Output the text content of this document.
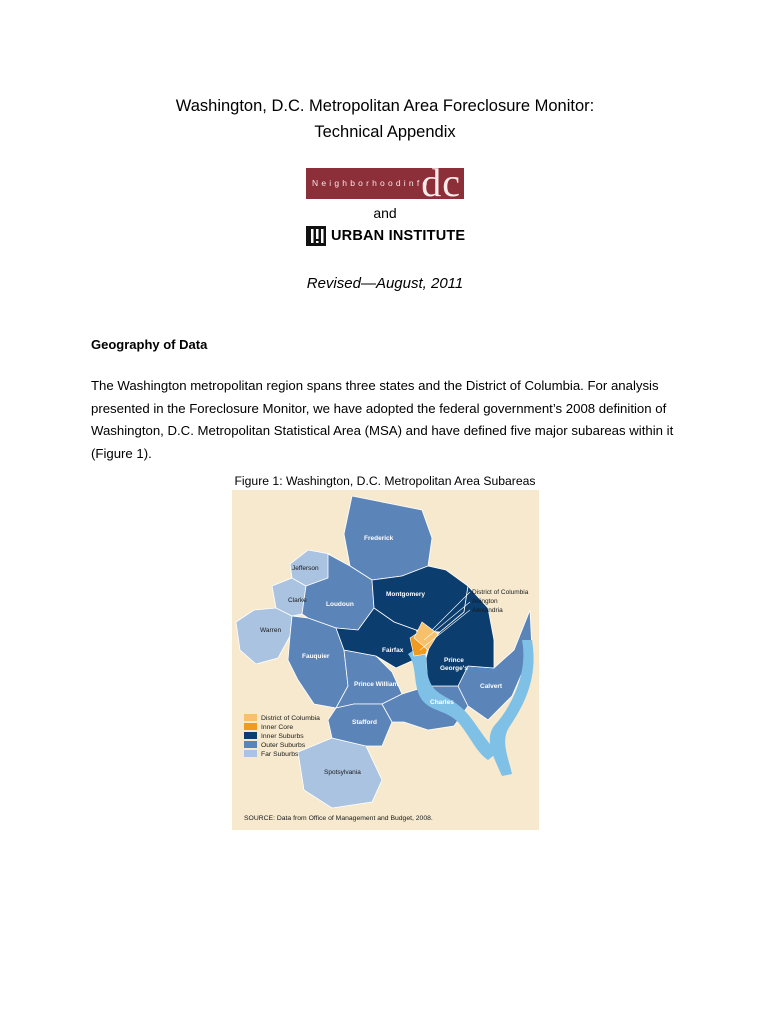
Washington, D.C. Metropolitan Area Foreclosure Monitor:
Technical Appendix
Neighborhoodinfo
dc
and
URBAN INSTITUTE
Revised—August, 2011
Geography of Data

The Washington metropolitan region spans three states and the District of Columbia. For analysis presented in the Foreclosure Monitor, we have adopted the federal government’s 2008 definition of Washington, D.C. Metropolitan Statistical Area (MSA) and have defined five major subareas within it (Figure 1).

Figure 1: Washington, D.C. Metropolitan Area Subareas
Frederick
Jefferson
Clarke
Loudoun
Montgomery
Warren
Fauquier
Fairfax
Prince
George's
Calvert
Prince William
Charles
Stafford
Spotsylvania
District of Columbia
Arlington
Alexandria
District of Columbia
Inner Core
Inner Suburbs
Outer Suburbs
Far Suburbs
SOURCE: Data from Office of Management and Budget, 2008.
